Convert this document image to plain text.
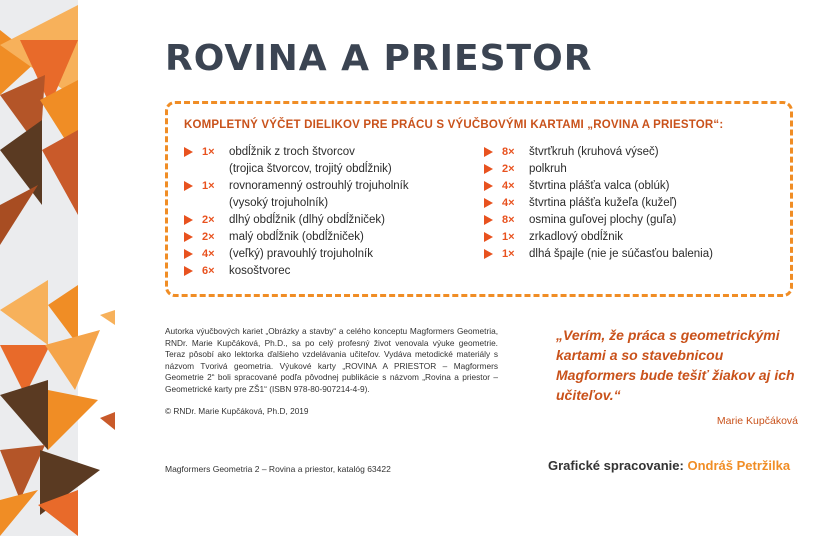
ROVINA A PRIESTOR
KOMPLETNÝ VÝČET DIELIKOV PRE PRÁCU S VÝUČBOVÝMI KARTAMI „ROVINA A PRIESTOR“:
1× obdĺžnik z troch štvorcov
(trojica štvorcov, trojitý obdĺžnik)
1× rovnoramenný ostrouhlý trojuholník
(vysoký trojuholník)
2× dlhý obdĺžnik (dlhý obdĺžniček)
2× malý obdĺžnik (obdĺžniček)
4× (veľký) pravouhlý trojuholník
6× kosoštvorec
8× štvrťkruh (kruhová výseč)
2× polkruh
4× štvrtina plášťa valca (oblúk)
4× štvrtina plášťa kužeľa (kužeľ)
8× osmina guľovej plochy (guľa)
1× zrkadlový obdĺžnik
1× dlhá špajle (nie je súčasťou balenia)

Autorka výučbových kariet „Obrázky a stavby“ a celého konceptu Magformers Geometria, RNDr. Marie Kupčáková, Ph.D., sa po celý profesný život venovala výuke geometrie. Teraz pôsobí ako lektorka ďalšieho vzdelávania učiteľov. Vydáva metodické materiály s názvom Tvorivá geometria. Výukové karty „ROVINA A PRIESTOR – Magformers Geometrie 2“ boli spracované podľa pôvodnej publikácie s názvom „Rovina a priestor – Geometrické karty pre ZŠ1“ (ISBN 978-80-907214-4-9).

© RNDr. Marie Kupčáková, Ph.D, 2019
Magformers Geometria 2 – Rovina a priestor, katalóg 63422

„Verím, že práca s geometrickými kartami a so stavebnicou Magformers bude tešiť žiakov aj ich učiteľov.“

Marie Kupčáková
Grafické spracovanie: Ondráš Petržilka
